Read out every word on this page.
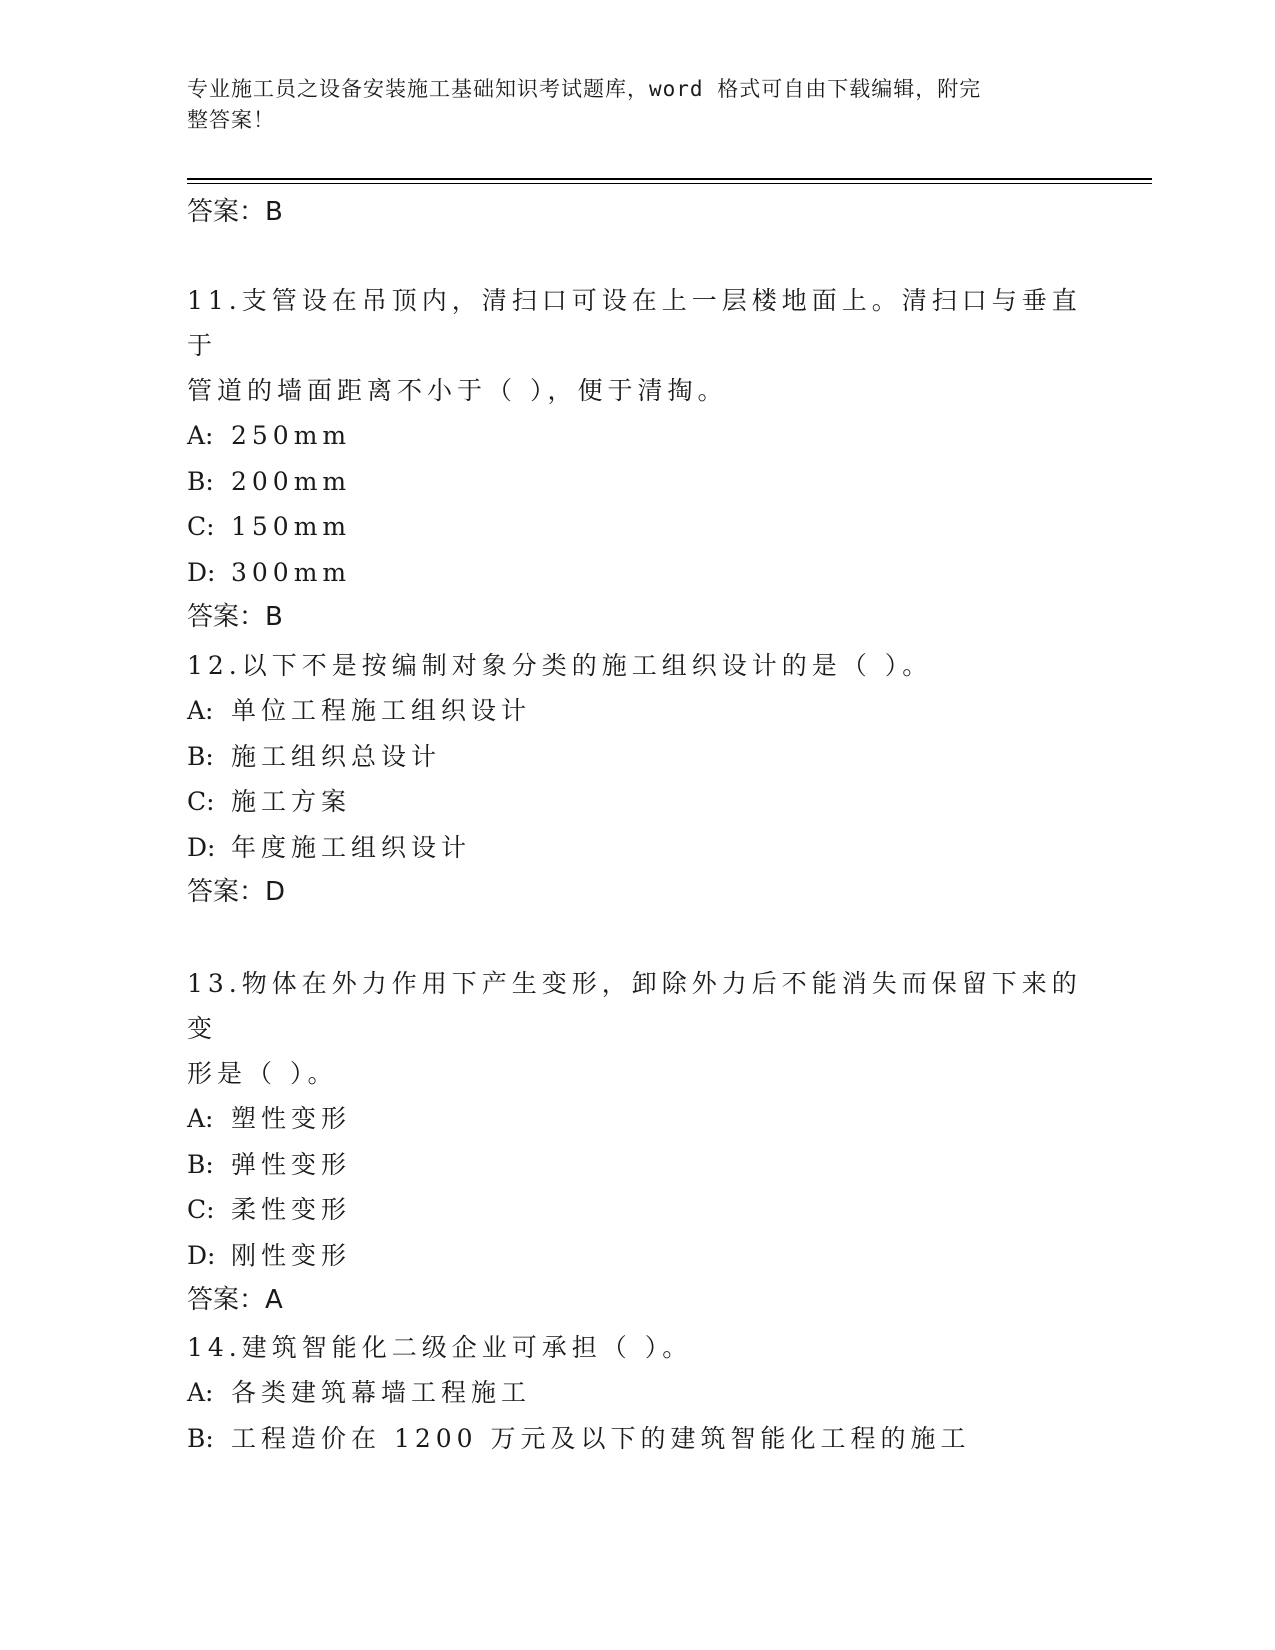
专业施工员之设备安装施工基础知识考试题库，word 格式可自由下载编辑，附完
整答案！
答案：B

11.支管设在吊顶内，清扫口可设在上一层楼地面上。清扫口与垂直于

管道的墙面距离不小于（ ），便于清掏。

A: 250mm

B: 200mm

C: 150mm

D: 300mm

答案：B

12.以下不是按编制对象分类的施工组织设计的是（ ）。

A: 单位工程施工组织设计

B: 施工组织总设计

C: 施工方案

D: 年度施工组织设计

答案：D

13.物体在外力作用下产生变形，卸除外力后不能消失而保留下来的变

形是（ ）。

A: 塑性变形

B: 弹性变形

C: 柔性变形

D: 刚性变形

答案：A

14.建筑智能化二级企业可承担（ ）。

A: 各类建筑幕墙工程施工

B: 工程造价在 1200 万元及以下的建筑智能化工程的施工
